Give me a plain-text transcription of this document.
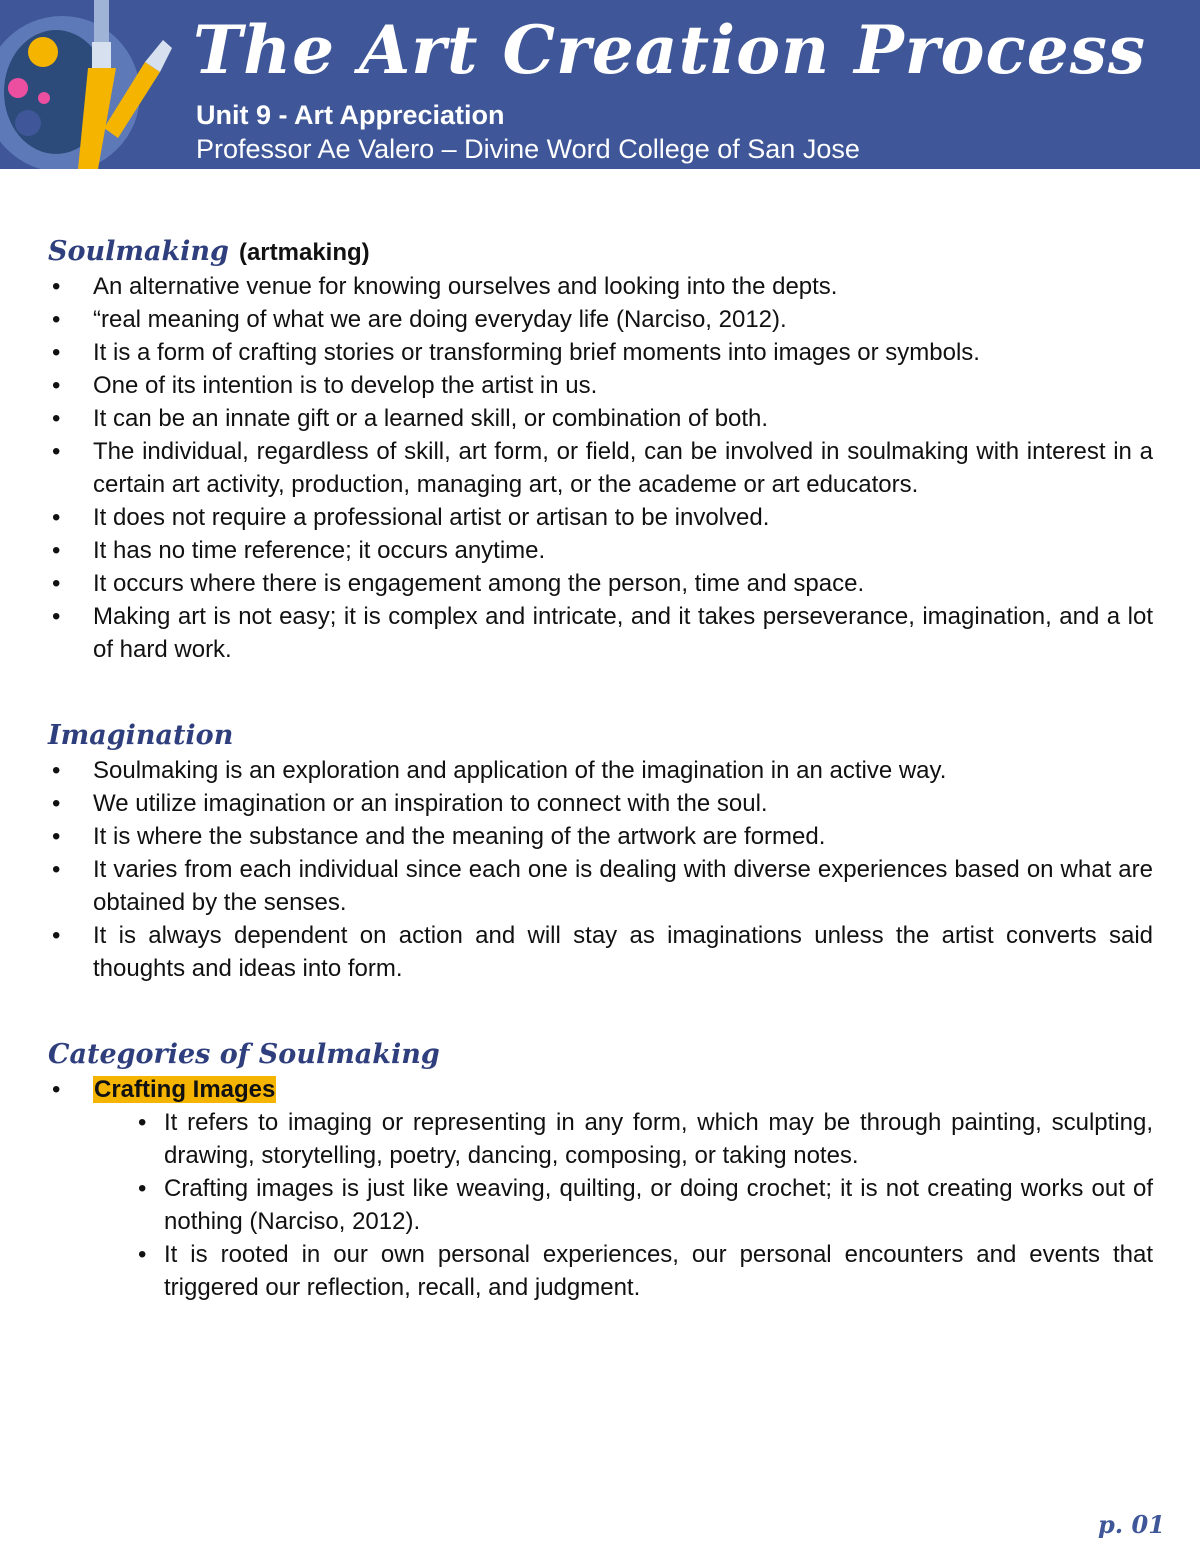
The Art Creation Process
Unit 9 - Art Appreciation
Professor Ae Valero – Divine Word College of San Jose
Soulmaking (artmaking)
• An alternative venue for knowing ourselves and looking into the depts.
• “real meaning of what we are doing everyday life (Narciso, 2012).
• It is a form of crafting stories or transforming brief moments into images or symbols.
• One of its intention is to develop the artist in us.
• It can be an innate gift or a learned skill, or combination of both.
• The individual, regardless of skill, art form, or field, can be involved in soulmaking with interest in a certain art activity, production, managing art, or the academe or art educators.
• It does not require a professional artist or artisan to be involved.
• It has no time reference; it occurs anytime.
• It occurs where there is engagement among the person, time and space.
• Making art is not easy; it is complex and intricate, and it takes perseverance, imagination, and a lot of hard work.
Imagination
• Soulmaking is an exploration and application of the imagination in an active way.
• We utilize imagination or an inspiration to connect with the soul.
• It is where the substance and the meaning of the artwork are formed.
• It varies from each individual since each one is dealing with diverse experiences based on what are obtained by the senses.
• It is always dependent on action and will stay as imaginations unless the artist converts said thoughts and ideas into form.
Categories of Soulmaking
• Crafting Images
• It refers to imaging or representing in any form, which may be through painting, sculpting, drawing, storytelling, poetry, dancing, composing, or taking notes.
• Crafting images is just like weaving, quilting, or doing crochet; it is not creating works out of nothing (Narciso, 2012).
• It is rooted in our own personal experiences, our personal encounters and events that triggered our reflection, recall, and judgment.
p. 01
